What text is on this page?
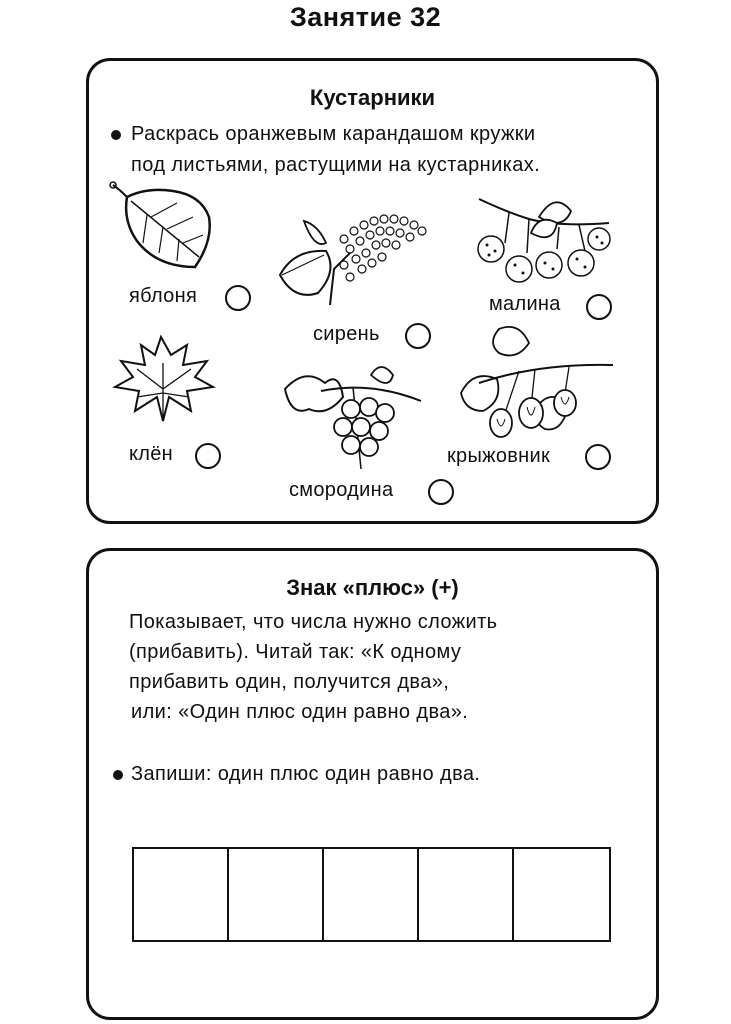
Занятие 32
Кустарники
Раскрась оранжевым карандашом кружки
под листьями, растущими на кустарниках.
яблоня
сирень
малина
клён
смородина
крыжовник
Знак «плюс» (+)
Показывает, что числа нужно сложить
(прибавить). Читай так: «К одному
прибавить один, получится два»,
или: «Один плюс один равно два».
Запиши: один плюс один равно два.
